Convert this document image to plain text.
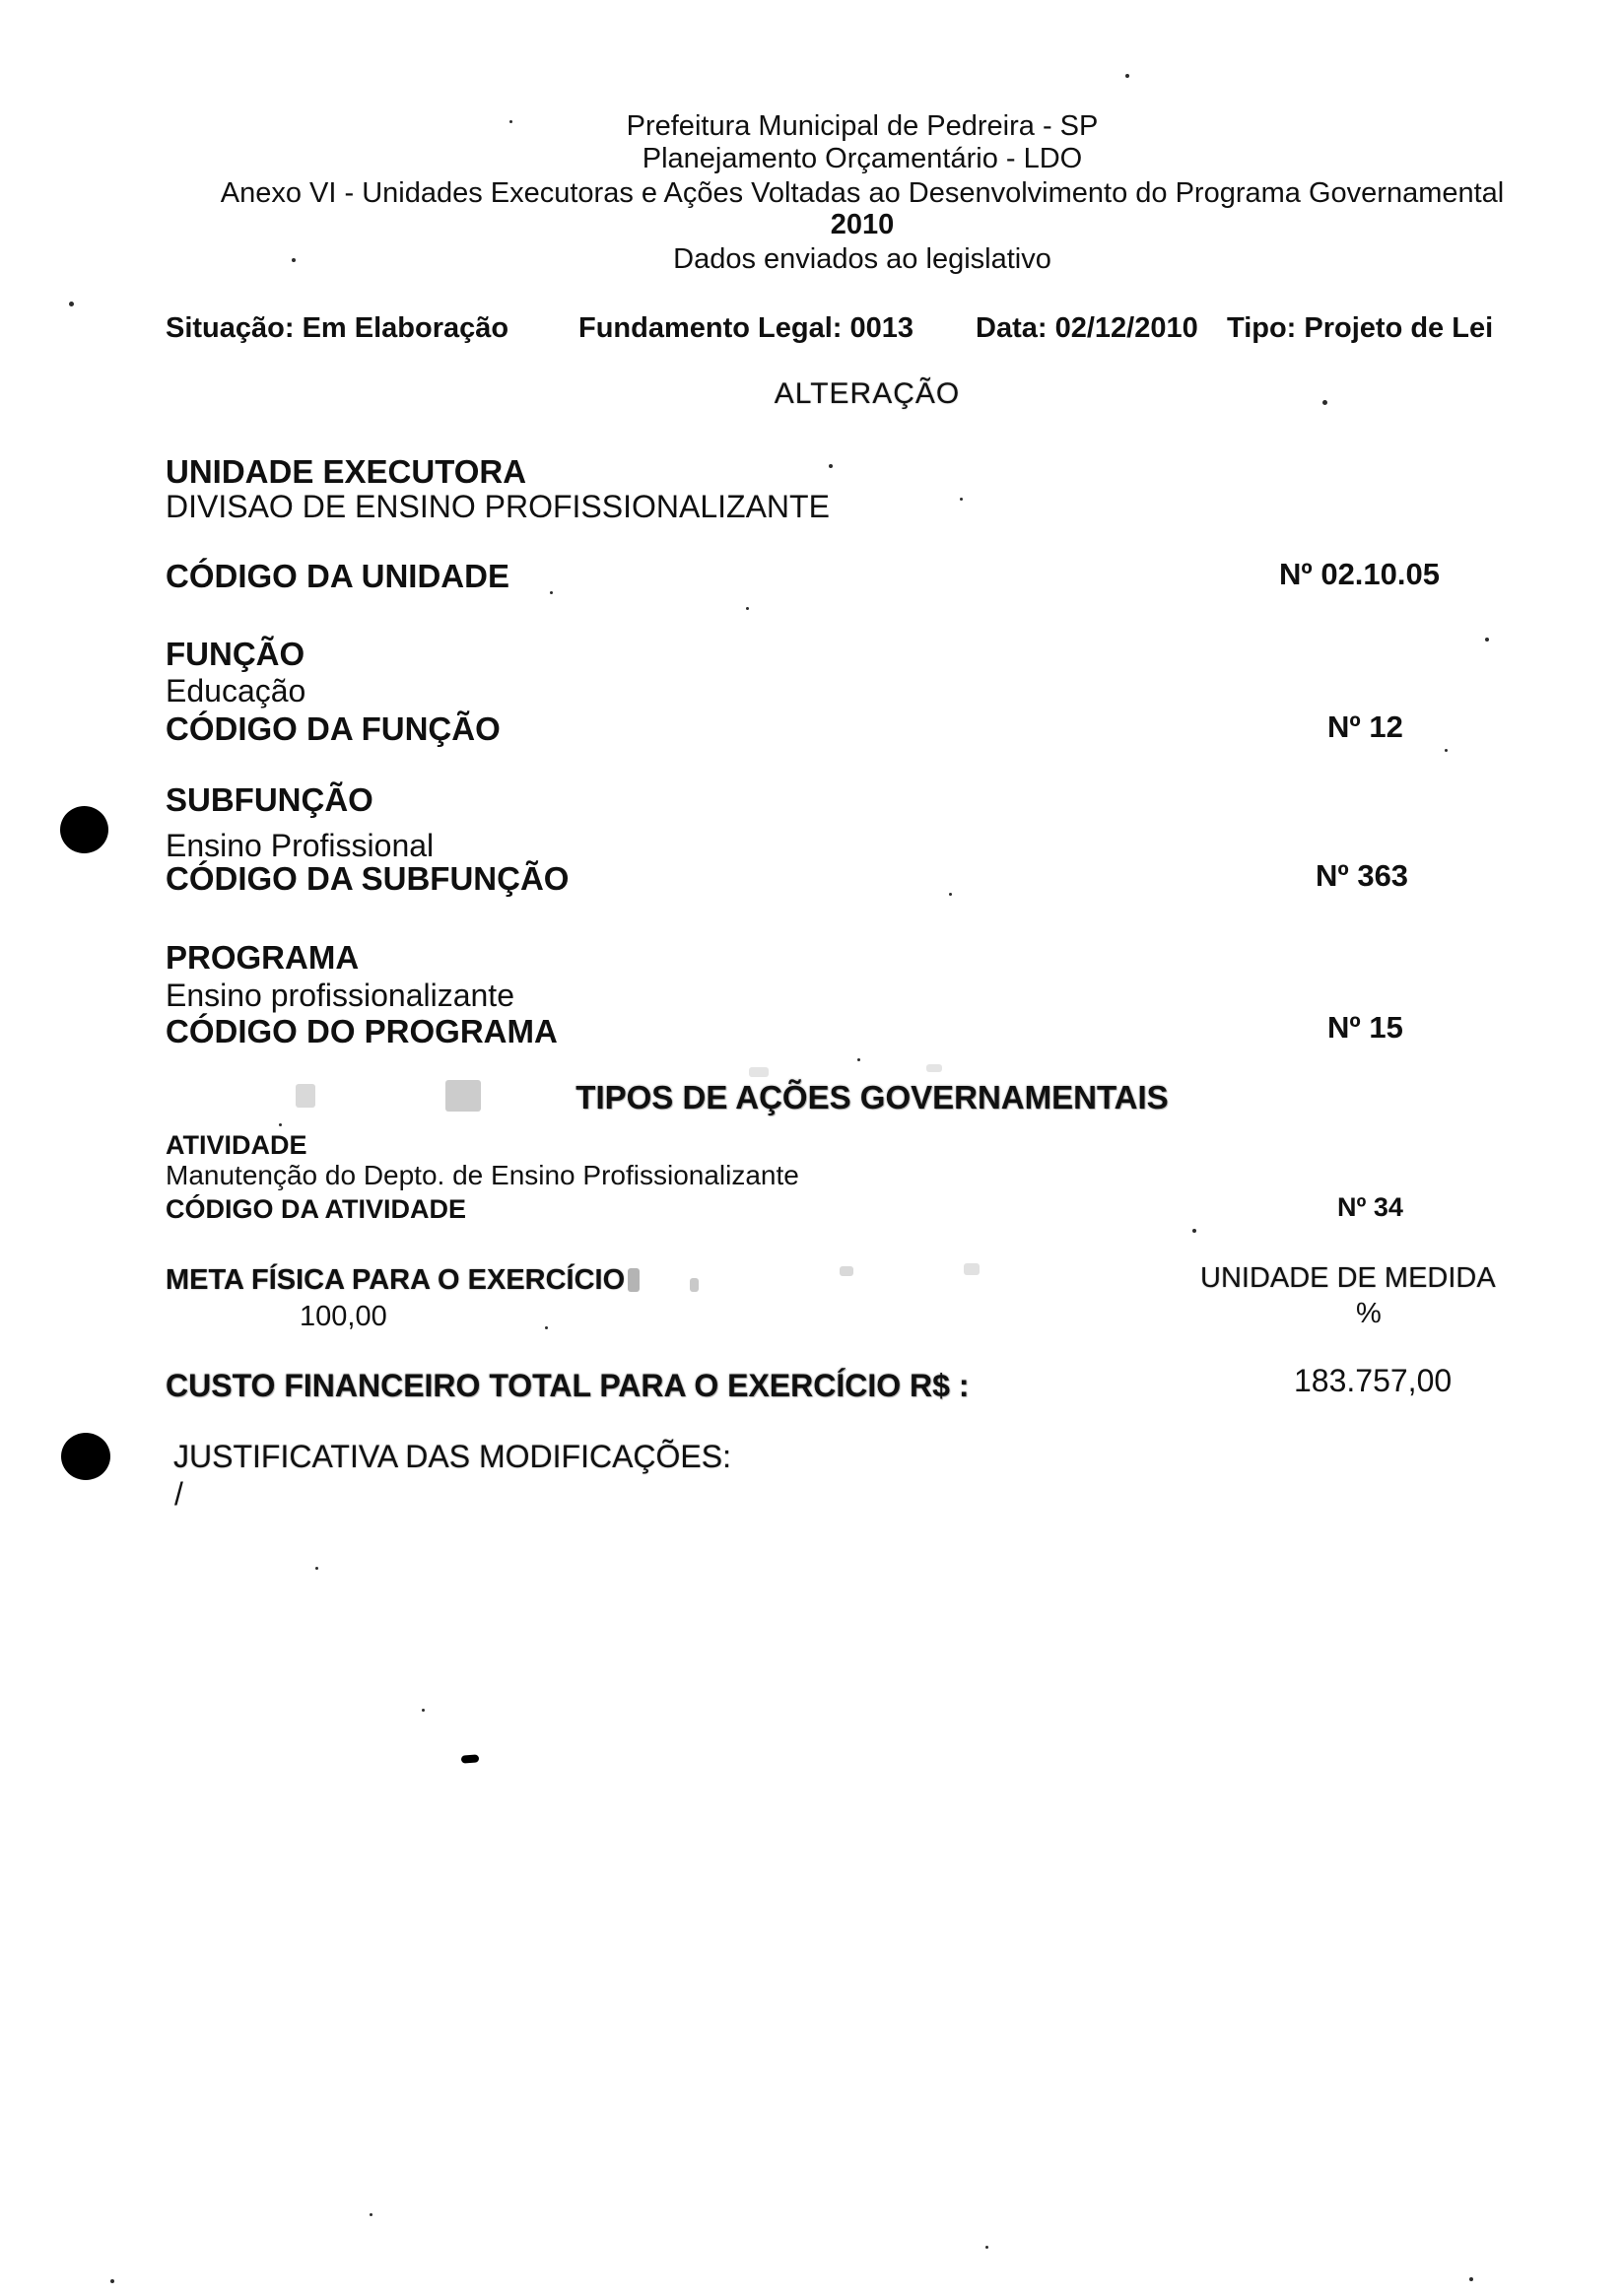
Prefeitura Municipal de Pedreira - SP
Planejamento Orçamentário - LDO
Anexo VI - Unidades Executoras e Ações Voltadas ao Desenvolvimento do Programa Governamental
2010
Dados enviados ao legislativo
Situação: Em Elaboração Fundamento Legal: 0013 Data: 02/12/2010 Tipo: Projeto de Lei
ALTERAÇÃO
UNIDADE EXECUTORA
DIVISAO DE ENSINO PROFISSIONALIZANTE
CÓDIGO DA UNIDADE	Nº 02.10.05
FUNÇÃO
Educação
CÓDIGO DA FUNÇÃO	Nº 12
SUBFUNÇÃO
Ensino Profissional
CÓDIGO DA SUBFUNÇÃO	Nº 363
PROGRAMA
Ensino profissionalizante
CÓDIGO DO PROGRAMA	Nº 15
TIPOS DE AÇÕES GOVERNAMENTAIS
ATIVIDADE
Manutenção do Depto. de Ensino Profissionalizante
CÓDIGO DA ATIVIDADE	Nº 34
META FÍSICA PARA O EXERCÍCIO
100,00
UNIDADE DE MEDIDA
%
CUSTO FINANCEIRO TOTAL PARA O EXERCÍCIO R$ :	183.757,00
JUSTIFICATIVA DAS MODIFICAÇÕES:
/
